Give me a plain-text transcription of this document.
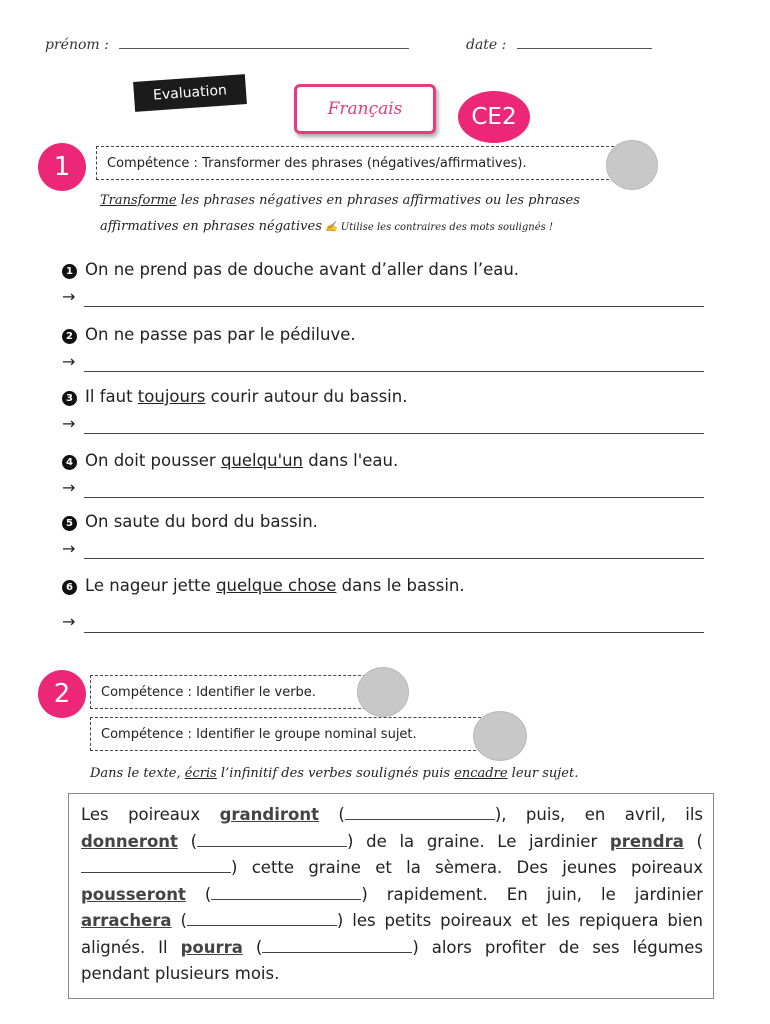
prénom :	date :
Evaluation
Français	CE2
1	Compétence : Transformer des phrases (négatives/affirmatives).
Transforme les phrases négatives en phrases affirmatives ou les phrases
affirmatives en phrases négatives ✍ Utilise les contraires des mots soulignés !
1 On ne prend pas de douche avant d’aller dans l’eau.
→
2 On ne passe pas par le pédiluve.
→
3 Il faut toujours courir autour du bassin.
→
4 On doit pousser quelqu'un dans l'eau.
→
5 On saute du bord du bassin.
→
6 Le nageur jette quelque chose dans le bassin.
→
2	Compétence : Identifier le verbe.
Compétence : Identifier le groupe nominal sujet.
Dans le texte, écris l’infinitif des verbes soulignés puis encadre leur sujet.
Les poireaux grandiront (	), puis, en avril, ils donneront (	) de la graine. Le jardinier prendra () cette graine et la sèmera. Des jeunes poireaux pousseront (	) rapidement. En juin, le jardinier arrachera (	) les petits poireaux et les repiquera bien alignés. Il pourra (	) alors profiter de ses légumes pendant plusieurs mois.
